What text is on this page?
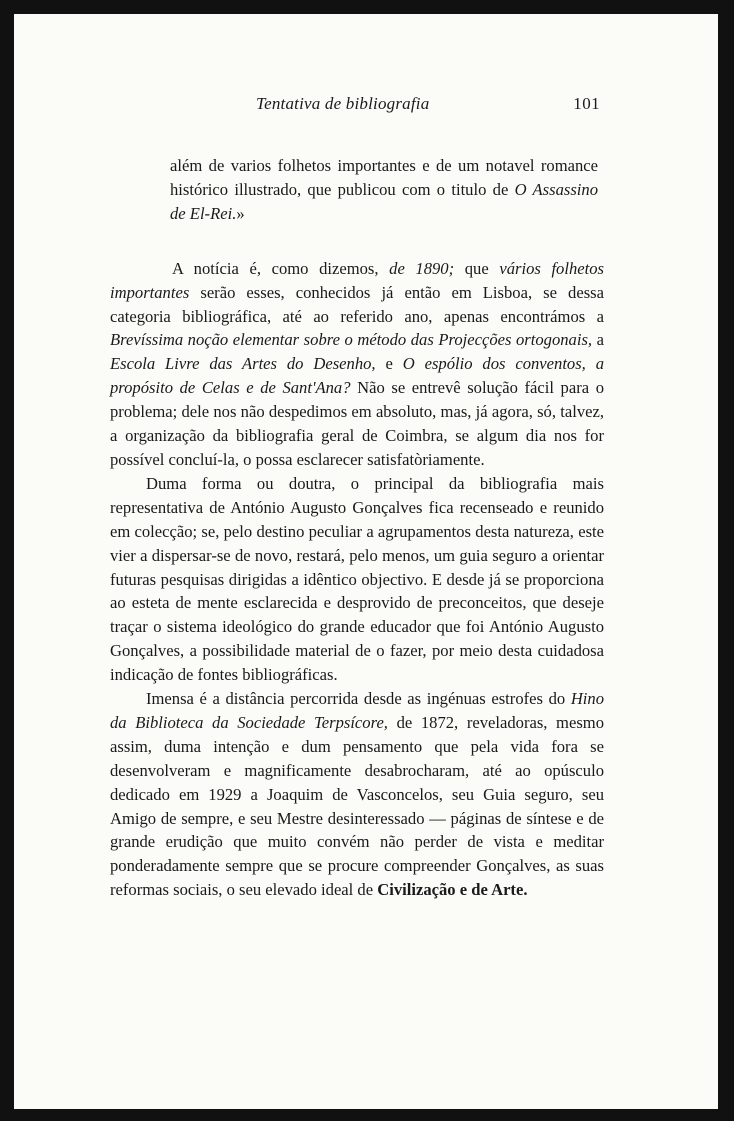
Tentativa de bibliografia	101
além de varios folhetos importantes e de um notavel romance histórico illustrado, que publicou com o titulo de O Assassino de El-Rei.»

A notícia é, como dizemos, de 1890; que vários folhetos importantes serão esses, conhecidos já então em Lisboa, se dessa categoria bibliográfica, até ao referido ano, apenas encontrámos a Brevíssima noção elementar sobre o método das Projecções ortogonais, a Escola Livre das Artes do Desenho, e O espólio dos conventos, a propósito de Celas e de Sant'Ana? Não se entrevê solução fácil para o problema; dele nos não despedimos em absoluto, mas, já agora, só, talvez, a organização da bibliografia geral de Coimbra, se algum dia nos for possível concluí-la, o possa esclarecer satisfatòriamente.

Duma forma ou doutra, o principal da bibliografia mais representativa de António Augusto Gonçalves fica recenseado e reunido em colecção; se, pelo destino peculiar a agrupamentos desta natureza, este vier a dispersar-se de novo, restará, pelo menos, um guia seguro a orientar futuras pesquisas dirigidas a idêntico objectivo. E desde já se proporciona ao esteta de mente esclarecida e desprovido de preconceitos, que deseje traçar o sistema ideológico do grande educador que foi António Augusto Gonçalves, a possibilidade material de o fazer, por meio desta cuidadosa indicação de fontes bibliográficas.

Imensa é a distância percorrida desde as ingénuas estrofes do Hino da Biblioteca da Sociedade Terpsícore, de 1872, reveladoras, mesmo assim, duma intenção e dum pensamento que pela vida fora se desenvolveram e magnificamente desabrocharam, até ao opúsculo dedicado em 1929 a Joaquim de Vasconcelos, seu Guia seguro, seu Amigo de sempre, e seu Mestre desinteressado — páginas de síntese e de grande erudição que muito convém não perder de vista e meditar ponderadamente sempre que se procure compreender Gonçalves, as suas reformas sociais, o seu elevado ideal de Civilização e de Arte.
